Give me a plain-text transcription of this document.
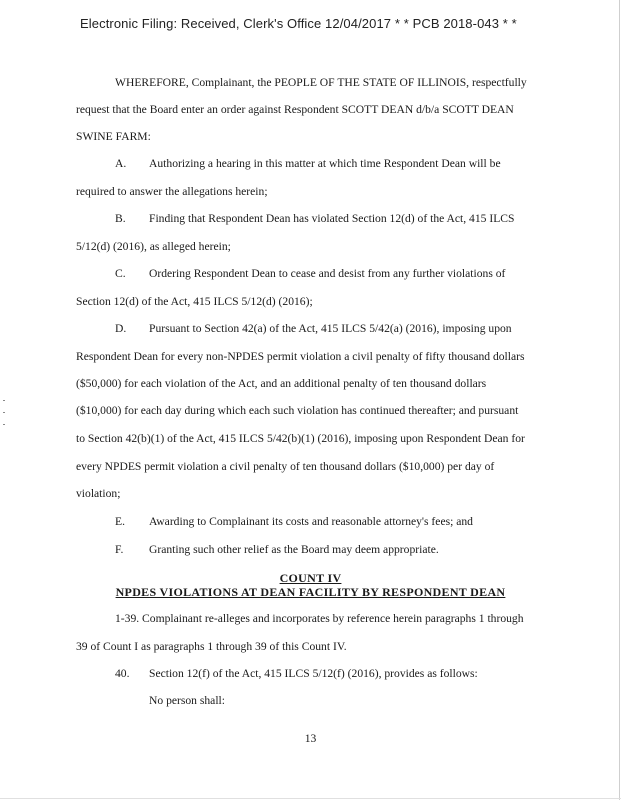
Electronic Filing: Received, Clerk's Office 12/04/2017 * * PCB 2018-043 * *
WHEREFORE, Complainant, the PEOPLE OF THE STATE OF ILLINOIS, respectfully
request that the Board enter an order against Respondent SCOTT DEAN d/b/a SCOTT DEAN
SWINE FARM:
A. Authorizing a hearing in this matter at which time Respondent Dean will be
required to answer the allegations herein;
B. Finding that Respondent Dean has violated Section 12(d) of the Act, 415 ILCS
5/12(d) (2016), as alleged herein;
C. Ordering Respondent Dean to cease and desist from any further violations of
Section 12(d) of the Act, 415 ILCS 5/12(d) (2016);
D. Pursuant to Section 42(a) of the Act, 415 ILCS 5/42(a) (2016), imposing upon
Respondent Dean for every non-NPDES permit violation a civil penalty of fifty thousand dollars
($50,000) for each violation of the Act, and an additional penalty of ten thousand dollars
($10,000) for each day during which each such violation has continued thereafter; and pursuant
to Section 42(b)(1) of the Act, 415 ILCS 5/42(b)(1) (2016), imposing upon Respondent Dean for
every NPDES permit violation a civil penalty of ten thousand dollars ($10,000) per day of
violation;
E. Awarding to Complainant its costs and reasonable attorney's fees; and
F. Granting such other relief as the Board may deem appropriate.
COUNT IV
NPDES VIOLATIONS AT DEAN FACILITY BY RESPONDENT DEAN
1-39. Complainant re-alleges and incorporates by reference herein paragraphs 1 through
39 of Count I as paragraphs 1 through 39 of this Count IV.
40. Section 12(f) of the Act, 415 ILCS 5/12(f) (2016), provides as follows:
No person shall:
13
